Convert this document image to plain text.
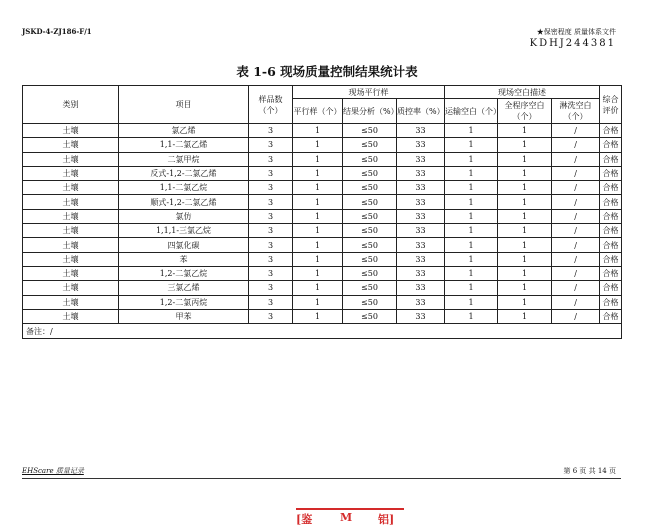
JSKD-4-ZJ186-F/1	★保密程度 质量体系文件
KDHJ244381
表 1-6 现场质量控制结果统计表
类别	项目	样品数（个）	现场平行样			现场空白描述			综合评价
			平行样（个）	结果分析（%）	质控率（%）	运输空白（个）	全程序空白（个）	淋洗空白（个）	
土壤	氯乙烯	3	1	≤50	33	1	1	/	合格
土壤	1,1-二氯乙烯	3	1	≤50	33	1	1	/	合格
土壤	二氯甲烷	3	1	≤50	33	1	1	/	合格
土壤	反式-1,2-二氯乙烯	3	1	≤50	33	1	1	/	合格
土壤	1,1-二氯乙烷	3	1	≤50	33	1	1	/	合格
土壤	顺式-1,2-二氯乙烯	3	1	≤50	33	1	1	/	合格
土壤	氯仿	3	1	≤50	33	1	1	/	合格
土壤	1,1,1-三氯乙烷	3	1	≤50	33	1	1	/	合格
土壤	四氯化碳	3	1	≤50	33	1	1	/	合格
土壤	苯	3	1	≤50	33	1	1	/	合格
土壤	1,2-二氯乙烷	3	1	≤50	33	1	1	/	合格
土壤	三氯乙烯	3	1	≤50	33	1	1	/	合格
土壤	1,2-二氯丙烷	3	1	≤50	33	1	1	/	合格
土壤	甲苯	3	1	≤50	33	1	1	/	合格
备注：/									
EHScare 质量记录	第 6 页 共 14 页
[鉴	M 铝]
